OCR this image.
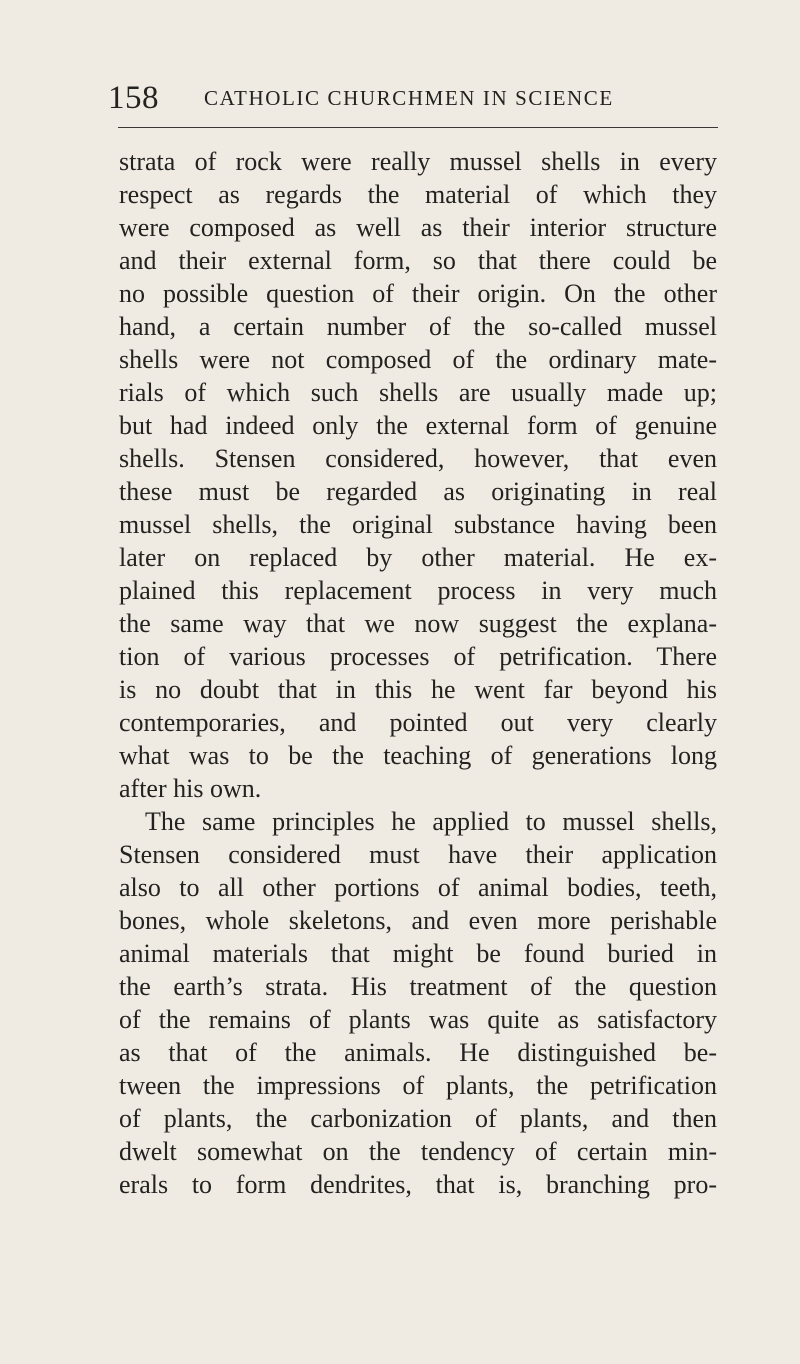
158 CATHOLIC CHURCHMEN IN SCIENCE
strata of rock were really mussel shells in every
respect as regards the material of which they
were composed as well as their interior structure
and their external form, so that there could be
no possible question of their origin. On the other
hand, a certain number of the so-called mussel
shells were not composed of the ordinary mate-
rials of which such shells are usually made up;
but had indeed only the external form of genuine
shells. Stensen considered, however, that even
these must be regarded as originating in real
mussel shells, the original substance having been
later on replaced by other material. He ex-
plained this replacement process in very much
the same way that we now suggest the explana-
tion of various processes of petrification. There
is no doubt that in this he went far beyond his
contemporaries, and pointed out very clearly
what was to be the teaching of generations long
after his own.
The same principles he applied to mussel shells,
Stensen considered must have their application
also to all other portions of animal bodies, teeth,
bones, whole skeletons, and even more perishable
animal materials that might be found buried in
the earth’s strata. His treatment of the question
of the remains of plants was quite as satisfactory
as that of the animals. He distinguished be-
tween the impressions of plants, the petrification
of plants, the carbonization of plants, and then
dwelt somewhat on the tendency of certain min-
erals to form dendrites, that is, branching pro-
